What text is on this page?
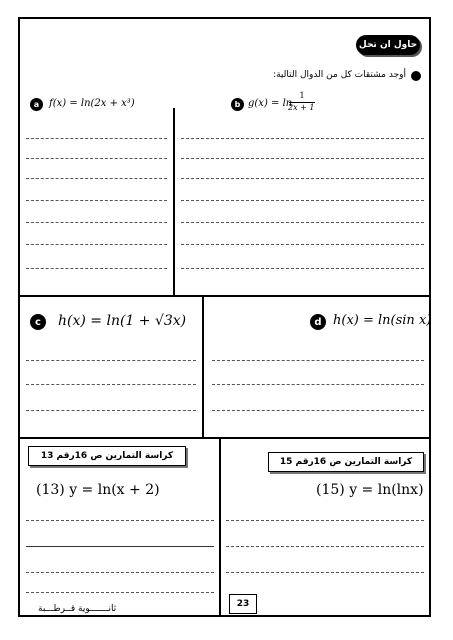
حاول ان تحل
أوجد مشتقات كل من الدوال التالية:
a f(x) = ln(2x + x³)	b g(x) = ln
1
2x + 1
c	h(x) = ln(1 + √3x)	d h(x) = ln(sin x)
كراسة التمارين ص 16رقم 13
كراسة التمارين ص 16رقم 15
(13) y = ln(x + 2)	(15) y = ln(lnx)
23
ثانـــــــوية قــرطـــبة
